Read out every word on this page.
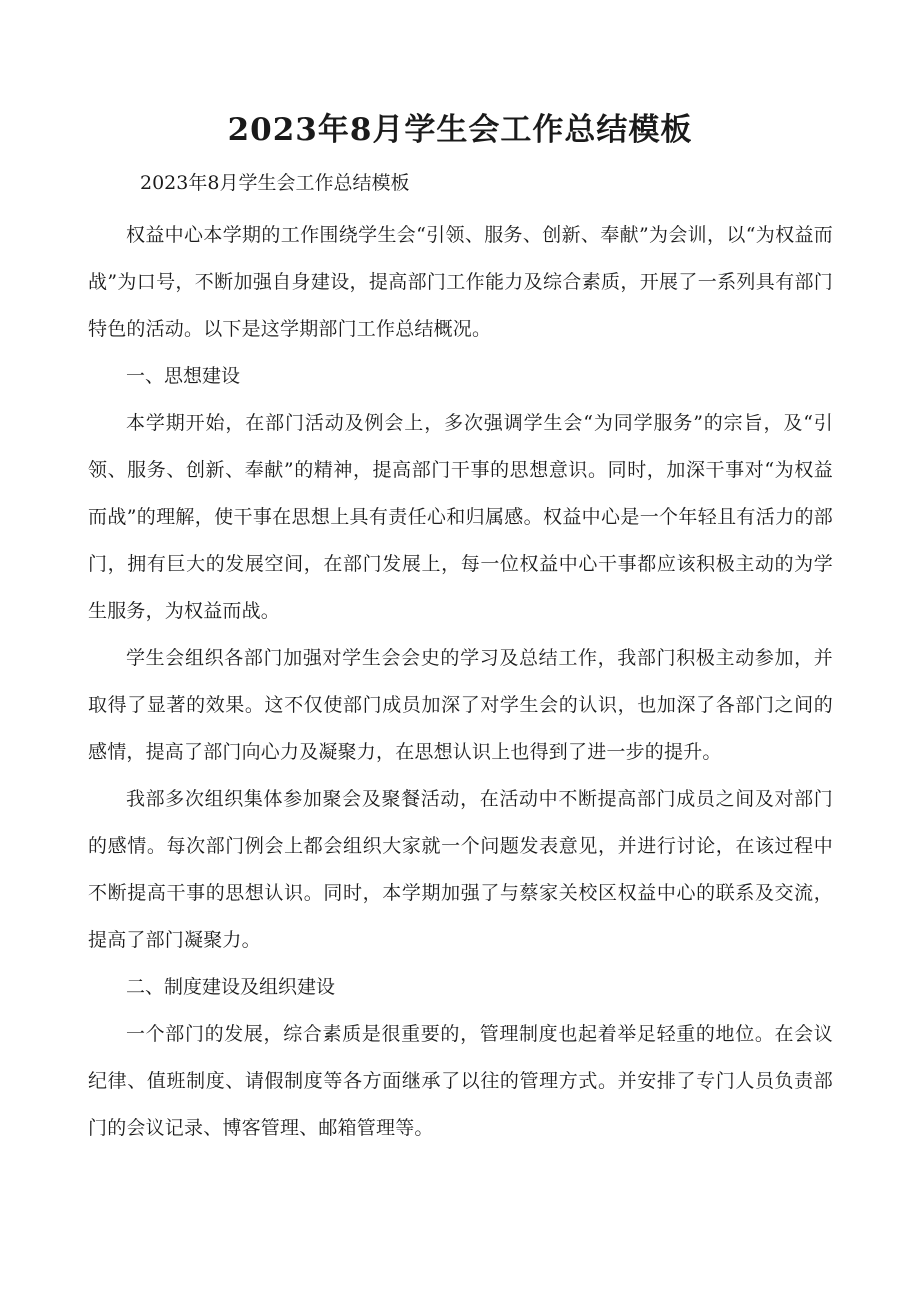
2023年8月学生会工作总结模板

2023年8月学生会工作总结模板

权益中心本学期的工作围绕学生会“引领、服务、创新、奉献”为会训，以“为权益而战”为口号，不断加强自身建设，提高部门工作能力及综合素质，开展了一系列具有部门特色的活动。以下是这学期部门工作总结概况。

一、思想建设

本学期开始，在部门活动及例会上，多次强调学生会“为同学服务”的宗旨，及“引领、服务、创新、奉献”的精神，提高部门干事的思想意识。同时，加深干事对“为权益而战”的理解，使干事在思想上具有责任心和归属感。权益中心是一个年轻且有活力的部门，拥有巨大的发展空间，在部门发展上，每一位权益中心干事都应该积极主动的为学生服务，为权益而战。

学生会组织各部门加强对学生会会史的学习及总结工作，我部门积极主动参加，并取得了显著的效果。这不仅使部门成员加深了对学生会的认识，也加深了各部门之间的感情，提高了部门向心力及凝聚力，在思想认识上也得到了进一步的提升。

我部多次组织集体参加聚会及聚餐活动，在活动中不断提高部门成员之间及对部门的感情。每次部门例会上都会组织大家就一个问题发表意见，并进行讨论，在该过程中不断提高干事的思想认识。同时，本学期加强了与蔡家关校区权益中心的联系及交流，提高了部门凝聚力。

二、制度建设及组织建设

一个部门的发展，综合素质是很重要的，管理制度也起着举足轻重的地位。在会议纪律、值班制度、请假制度等各方面继承了以往的管理方式。并安排了专门人员负责部门的会议记录、博客管理、邮箱管理等。
